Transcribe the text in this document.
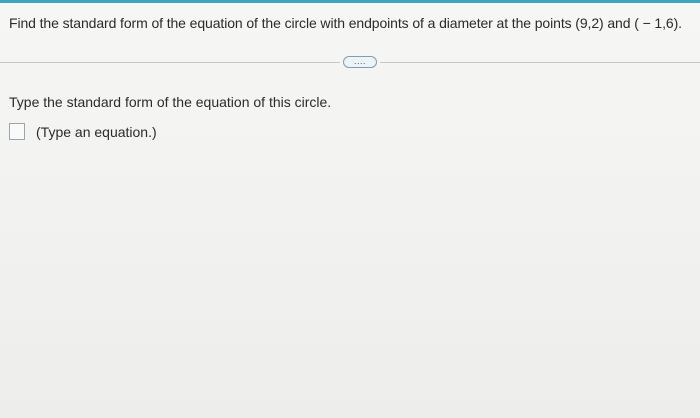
Find the standard form of the equation of the circle with endpoints of a diameter at the points (9,2) and ( − 1,6).
....
Type the standard form of the equation of this circle.
(Type an equation.)
